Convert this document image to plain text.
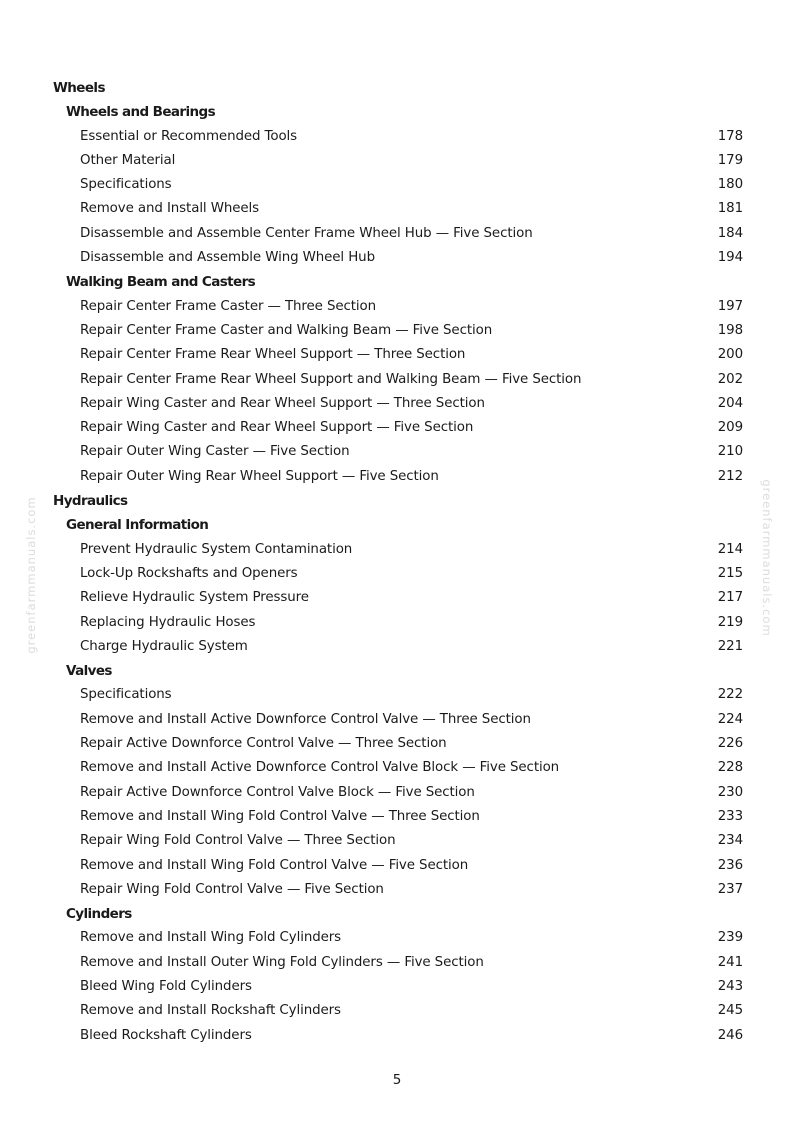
Wheels
Wheels and Bearings
Essential or Recommended Tools	178
Other Material	179
Specifications	180
Remove and Install Wheels	181
Disassemble and Assemble Center Frame Wheel Hub — Five Section	184
Disassemble and Assemble Wing Wheel Hub	194
Walking Beam and Casters
Repair Center Frame Caster — Three Section	197
Repair Center Frame Caster and Walking Beam — Five Section	198
Repair Center Frame Rear Wheel Support — Three Section	200
Repair Center Frame Rear Wheel Support and Walking Beam — Five Section	202
Repair Wing Caster and Rear Wheel Support — Three Section	204
Repair Wing Caster and Rear Wheel Support — Five Section	209
Repair Outer Wing Caster — Five Section	210
Repair Outer Wing Rear Wheel Support — Five Section	212
Hydraulics
General Information
Prevent Hydraulic System Contamination	214
Lock-Up Rockshafts and Openers	215
Relieve Hydraulic System Pressure	217
Replacing Hydraulic Hoses	219
Charge Hydraulic System	221
Valves
Specifications	222
Remove and Install Active Downforce Control Valve — Three Section	224
Repair Active Downforce Control Valve — Three Section	226
Remove and Install Active Downforce Control Valve Block — Five Section	228
Repair Active Downforce Control Valve Block — Five Section	230
Remove and Install Wing Fold Control Valve — Three Section	233
Repair Wing Fold Control Valve — Three Section	234
Remove and Install Wing Fold Control Valve — Five Section	236
Repair Wing Fold Control Valve — Five Section	237
Cylinders
Remove and Install Wing Fold Cylinders	239
Remove and Install Outer Wing Fold Cylinders — Five Section	241
Bleed Wing Fold Cylinders	243
Remove and Install Rockshaft Cylinders	245
Bleed Rockshaft Cylinders	246
5
greenfarmmanuals.com	greenfarmmanuals.com
